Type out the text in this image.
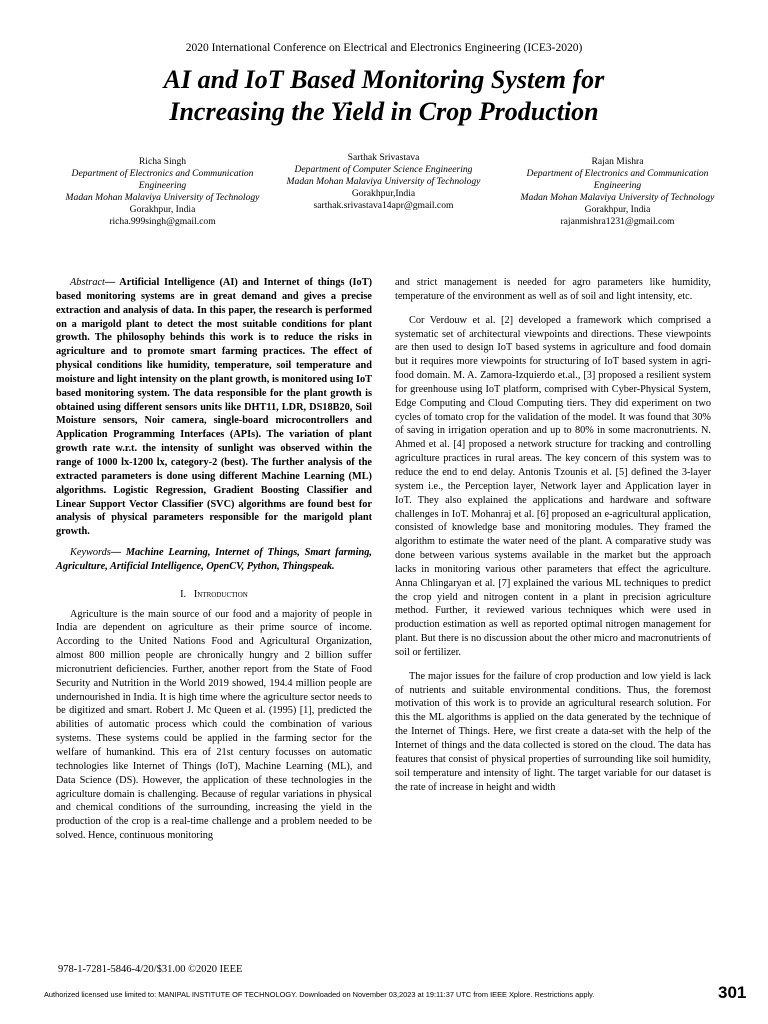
2020 International Conference on Electrical and Electronics Engineering (ICE3-2020)
AI and IoT Based Monitoring System for
Increasing the Yield in Crop Production
Richa Singh
Department of Electronics and Communication Engineering
Madan Mohan Malaviya University of Technology
Gorakhpur, India
richa.999singh@gmail.com
Sarthak Srivastava
Department of Computer Science Engineering
Madan Mohan Malaviya University of Technology
Gorakhpur,India
sarthak.srivastava14apr@gmail.com
Rajan Mishra
Department of Electronics and Communication Engineering
Madan Mohan Malaviya University of Technology
Gorakhpur, India
rajanmishra1231@gmail.com

Abstract— Artificial Intelligence (AI) and Internet of things (IoT) based monitoring systems are in great demand and gives a precise extraction and analysis of data. In this paper, the research is performed on a marigold plant to detect the most suitable conditions for plant growth. The philosophy behinds this work is to reduce the risks in agriculture and to promote smart farming practices. The effect of physical conditions like humidity, temperature, soil temperature and moisture and light intensity on the plant growth, is monitored using IoT based monitoring system. The data responsible for the plant growth is obtained using different sensors units like DHT11, LDR, DS18B20, Soil Moisture sensors, Noir camera, single-board microcontrollers and Application Programming Interfaces (APIs). The variation of plant growth rate w.r.t. the intensity of sunlight was observed within the range of 1000 lx-1200 lx, category-2 (best). The further analysis of the extracted parameters is done using different Machine Learning (ML) algorithms. Logistic Regression, Gradient Boosting Classifier and Linear Support Vector Classifier (SVC) algorithms are found best for analysis of physical parameters responsible for the marigold plant growth.

Keywords— Machine Learning, Internet of Things, Smart farming, Agriculture, Artificial Intelligence, OpenCV, Python, Thingspeak.

I. Introduction

Agriculture is the main source of our food and a majority of people in India are dependent on agriculture as their prime source of income. According to the United Nations Food and Agricultural Organization, almost 800 million people are chronically hungry and 2 billion suffer micronutrient deficiencies. Further, another report from the State of Food Security and Nutrition in the World 2019 showed, 194.4 million people are undernourished in India. It is high time where the agriculture sector needs to be digitized and smart. Robert J. Mc Queen et al. (1995) [1], predicted the abilities of automatic process which could the combination of various systems. These systems could be applied in the farming sector for the welfare of humankind. This era of 21st century focusses on automatic technologies like Internet of Things (IoT), Machine Learning (ML), and Data Science (DS). However, the application of these technologies in the agriculture domain is challenging. Because of regular variations in physical and chemical conditions of the surrounding, increasing the yield in the production of the crop is a real-time challenge and a problem needed to be solved. Hence, continuous monitoring

and strict management is needed for agro parameters like humidity, temperature of the environment as well as of soil and light intensity, etc.

Cor Verdouw et al. [2] developed a framework which comprised a systematic set of architectural viewpoints and directions. These viewpoints are then used to design IoT based systems in agriculture and food domain but it requires more viewpoints for structuring of IoT based system in agri-food domain. M. A. Zamora-Izquierdo et.al., [3] proposed a resilient system for greenhouse using IoT platform, comprised with Cyber-Physical System, Edge Computing and Cloud Computing tiers. They did experiment on two cycles of tomato crop for the validation of the model. It was found that 30% of saving in irrigation operation and up to 80% in some macronutrients. N. Ahmed et al. [4] proposed a network structure for tracking and controlling agriculture practices in rural areas. The key concern of this system was to reduce the end to end delay. Antonis Tzounis et al. [5] defined the 3-layer system i.e., the Perception layer, Network layer and Application layer in IoT. They also explained the applications and hardware and software challenges in IoT. Mohanraj et al. [6] proposed an e-agricultural application, consisted of knowledge base and monitoring modules. They framed the algorithm to estimate the water need of the plant. A comparative study was done between various systems available in the market but the approach lacks in monitoring various other parameters that effect the agriculture. Anna Chlingaryan et al. [7] explained the various ML techniques to predict the crop yield and nitrogen content in a plant in precision agriculture method. Further, it reviewed various techniques which were used in production estimation as well as reported optimal nitrogen management for plant. But there is no discussion about the other micro and macronutrients of soil or fertilizer.

The major issues for the failure of crop production and low yield is lack of nutrients and suitable environmental conditions. Thus, the foremost motivation of this work is to provide an agricultural research solution. For this the ML algorithms is applied on the data generated by the technique of the Internet of Things. Here, we first create a data-set with the help of the Internet of things and the data collected is stored on the cloud. The data has features that consist of physical properties of surrounding like soil humidity, soil temperature and intensity of light. The target variable for our dataset is the rate of increase in height and width

978-1-7281-5846-4/20/$31.00 ©2020 IEEE
Authorized licensed use limited to: MANIPAL INSTITUTE OF TECHNOLOGY. Downloaded on November 03,2023 at 19:11:37 UTC from IEEE Xplore. Restrictions apply.	301
